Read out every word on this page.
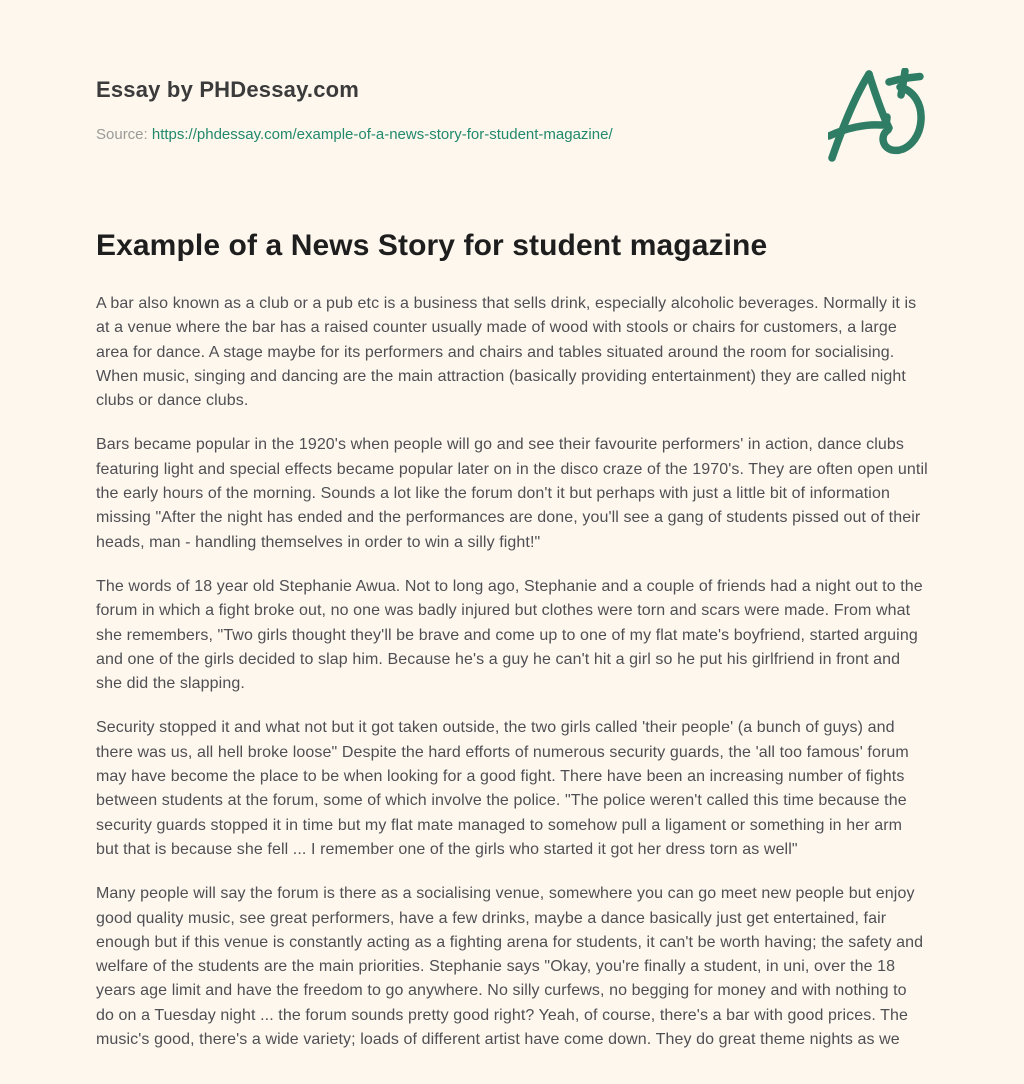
Essay by PHDessay.com
Source: https://phdessay.com/example-of-a-news-story-for-student-magazine/
Example of a News Story for student magazine

A bar also known as a club or a pub etc is a business that sells drink, especially alcoholic beverages. Normally it is at a venue where the bar has a raised counter usually made of wood with stools or chairs for customers, a large area for dance. A stage maybe for its performers and chairs and tables situated around the room for socialising. When music, singing and dancing are the main attraction (basically providing entertainment) they are called night clubs or dance clubs.

Bars became popular in the 1920's when people will go and see their favourite performers' in action, dance clubs featuring light and special effects became popular later on in the disco craze of the 1970's. They are often open until the early hours of the morning. Sounds a lot like the forum don't it but perhaps with just a little bit of information missing "After the night has ended and the performances are done, you'll see a gang of students pissed out of their heads, man - handling themselves in order to win a silly fight!"

The words of 18 year old Stephanie Awua. Not to long ago, Stephanie and a couple of friends had a night out to the forum in which a fight broke out, no one was badly injured but clothes were torn and scars were made. From what she remembers, "Two girls thought they'll be brave and come up to one of my flat mate's boyfriend, started arguing and one of the girls decided to slap him. Because he's a guy he can't hit a girl so he put his girlfriend in front and she did the slapping.

Security stopped it and what not but it got taken outside, the two girls called 'their people' (a bunch of guys) and there was us, all hell broke loose" Despite the hard efforts of numerous security guards, the 'all too famous' forum may have become the place to be when looking for a good fight. There have been an increasing number of fights between students at the forum, some of which involve the police. "The police weren't called this time because the security guards stopped it in time but my flat mate managed to somehow pull a ligament or something in her arm but that is because she fell ... I remember one of the girls who started it got her dress torn as well"

Many people will say the forum is there as a socialising venue, somewhere you can go meet new people but enjoy good quality music, see great performers, have a few drinks, maybe a dance basically just get entertained, fair enough but if this venue is constantly acting as a fighting arena for students, it can't be worth having; the safety and welfare of the students are the main priorities. Stephanie says "Okay, you're finally a student, in uni, over the 18 years age limit and have the freedom to go anywhere. No silly curfews, no begging for money and with nothing to do on a Tuesday night ... the forum sounds pretty good right? Yeah, of course, there's a bar with good prices. The music's good, there's a wide variety; loads of different artist have come down. They do great theme nights as we
